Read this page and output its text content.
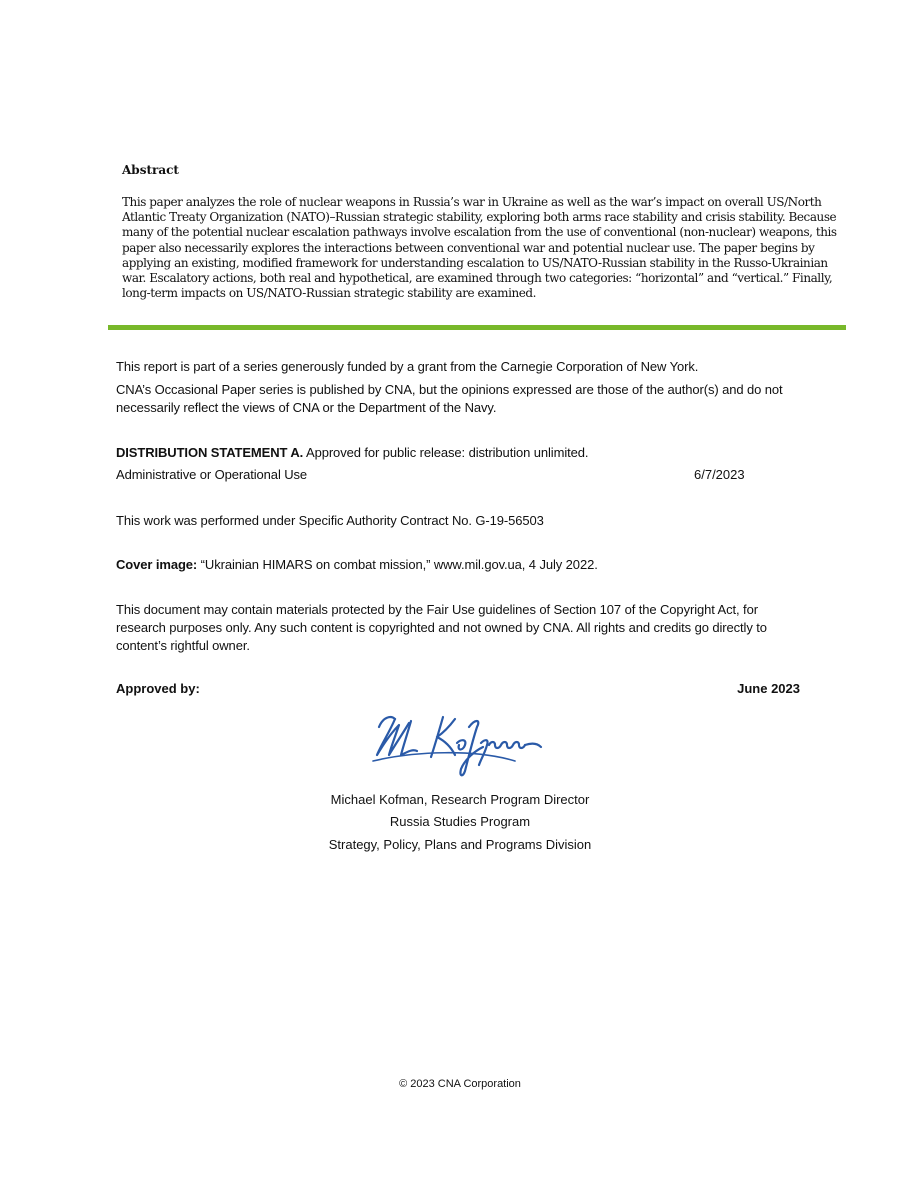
Abstract

This paper analyzes the role of nuclear weapons in Russia’s war in Ukraine as well as the war’s impact on overall US/North Atlantic Treaty Organization (NATO)–Russian strategic stability, exploring both arms race stability and crisis stability. Because many of the potential nuclear escalation pathways involve escalation from the use of conventional (non-nuclear) weapons, this paper also necessarily explores the interactions between conventional war and potential nuclear use. The paper begins by applying an existing, modified framework for understanding escalation to US/NATO-Russian stability in the Russo-Ukrainian war. Escalatory actions, both real and hypothetical, are examined through two categories: “horizontal” and “vertical.” Finally, long-term impacts on US/NATO-Russian strategic stability are examined.

This report is part of a series generously funded by a grant from the Carnegie Corporation of New York.

CNA’s Occasional Paper series is published by CNA, but the opinions expressed are those of the author(s) and do not necessarily reflect the views of CNA or the Department of the Navy.

DISTRIBUTION STATEMENT A. Approved for public release: distribution unlimited.

Administrative or Operational Use	6/7/2023

This work was performed under Specific Authority Contract No. G-19-56503

Cover image: “Ukrainian HIMARS on combat mission,” www.mil.gov.ua, 4 July 2022.

This document may contain materials protected by the Fair Use guidelines of Section 107 of the Copyright Act, for research purposes only. Any such content is copyrighted and not owned by CNA. All rights and credits go directly to content’s rightful owner.

Approved by:	June 2023
Michael Kofman, Research Program Director
Russia Studies Program
Strategy, Policy, Plans and Programs Division
© 2023 CNA Corporation
